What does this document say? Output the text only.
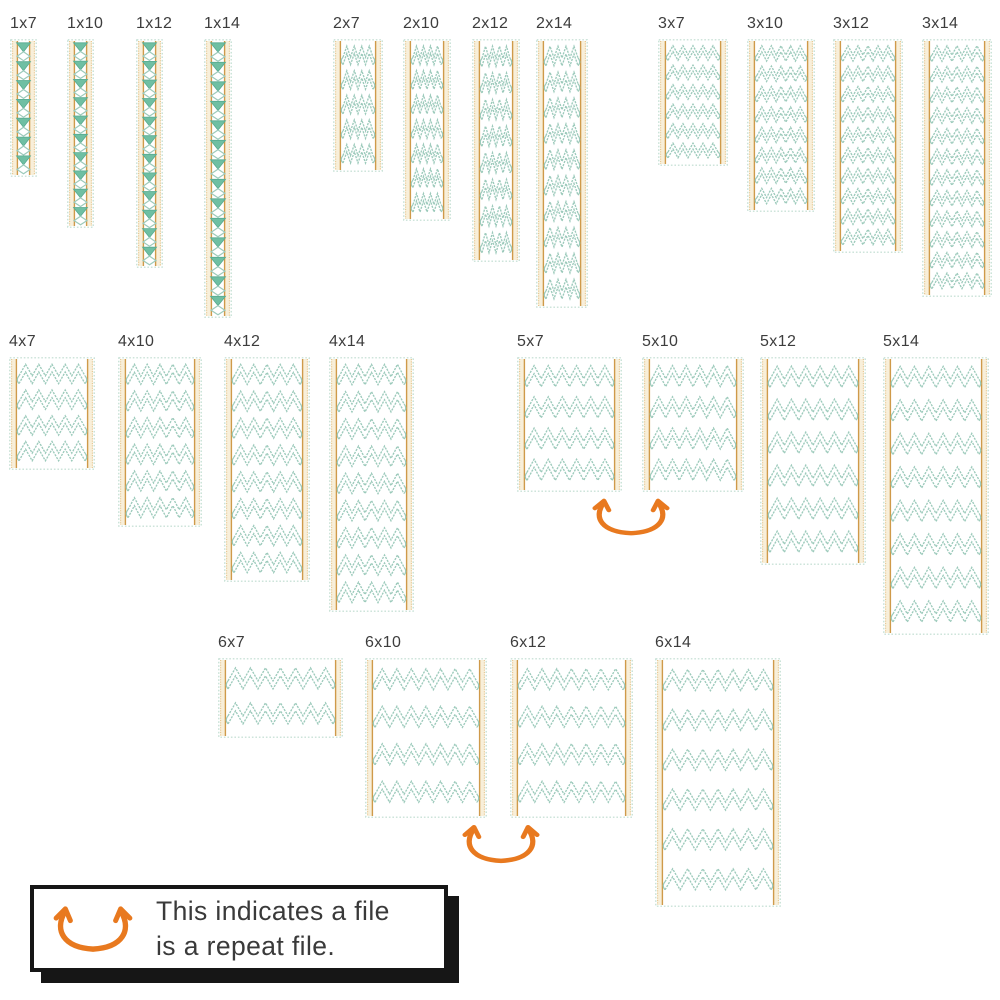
This indicates a file
is a repeat file.
1x7 1x10 1x12 1x14	2x7	2x10 2x12 2x14	3x7	3x10	3x12	3x14
4x7	4x10	4x12	4x14	5x7	5x10	5x12	5x14
6x7	6x10	6x12	6x14
